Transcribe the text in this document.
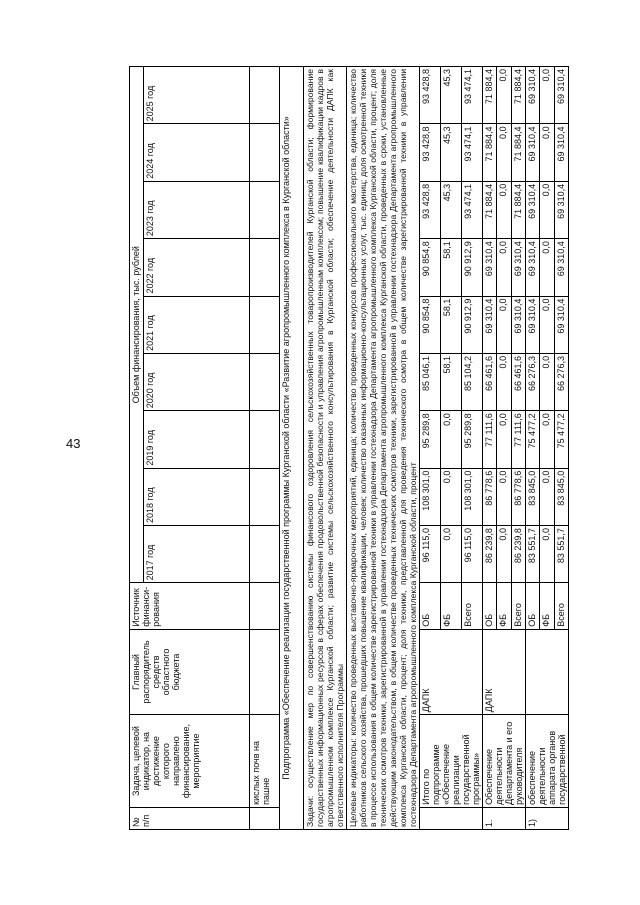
43
№ п/п	Задача, целевой индикатор, на достижение которого направлено финансирование, мероприятие	Главный распорядитель средств областного бюджета	Источник финанси-рования	Объем финансирования, тыс. рублей								
				2017 год	2018 год	2019 год	2020 год	2021 год	2022 год	2023 год	2024 год	2025 год
	кислых почв на пашне											
Подпрограмма «Обеспечение реализации государственной программы Курганской области «Развитие агропромышленного комплекса в Курганской области»												
Задачи: осуществление мер по совершенствованию системы финансового оздоровления сельскохозяйственных товаропроизводителей Курганской области; формирование государственных информационных ресурсов в сферах обеспечения продовольственной безопасности и управления агропромышленным комплексом; повышение квалификации кадров в агропромышленном комплексе Курганской области; развитие системы сельскохозяйственного консультирования в Курганской области; обеспечение деятельности ДАПК как ответственного исполнителя Программы												
Целевые индикаторы: количество проведенных выставочно-ярмарочных мероприятий, единица; количество проведенных конкурсов профессионального мастерства, единица; количество работников сельского хозяйства, прошедших повышение квалификации, человек; количество оказанных информационно-консультационных услуг, тыс. единиц; доля осмотренной техники в процессе использования в общем количестве зарегистрированной техники в управлении гостехнадзора Департамента агропромышленного комплекса Курганской области, процент; доля технических осмотров техники, зарегистрированной в управлении гостехнадзора Департамента агропромышленного комплекса Курганской области, проведенных в сроки, установленные действующим законодательством, в общем количестве проведенных технических осмотров техники, зарегистрированной в управлении гостехнадзора Департамента агропромышленного комплекса Курганской области, процент; доля техники, представленной для проведения технического осмотра в общем количестве зарегистрированной техники в управлении гостехнадзора Департамента агропромышленного комплекса Курганской области, процент												
	Итого по подпрограмме «Обеспечение реализации государственной программы»	ДАПК	ОБ	96 115,0	108 301,0	95 289,8	85 046,1	90 854,8	90 854,8	93 428,8	93 428,8	93 428,8
			ФБ	0,0	0,0	0,0	58,1	58,1	58,1	45,3	45,3	45,3
			Всего	96 115,0	108 301,0	95 289,8	85 104,2	90 912,9	90 912,9	93 474,1	93 474,1	93 474,1
1.	Обеспечение деятельности Департамента и его руководителя	ДАПК	ОБ	86 239,8	86 778,6	77 111,6	66 461,6	69 310,4	69 310,4	71 884,4	71 884,4	71 884,4
			ФБ	0,0	0,0	0,0	0,0	0,0	0,0	0,0	0,0	0,0
			Всего	86 239,8	86 778,6	77 111,6	66 461,6	69 310,4	69 310,4	71 884,4	71 884,4	71 884,4
1)	обеспечение деятельности аппарата органов государственной		ОБ	83 551,7	83 845,0	75 477,2	66 276,3	69 310,4	69 310,4	69 310,4	69 310,4	69 310,4
			ФБ	0,0	0,0	0,0	0,0	0,0	0,0	0,0	0,0	0,0
			Всего	83 551,7	83 845,0	75 477,2	66 276,3	69 310,4	69 310,4	69 310,4	69 310,4	69 310,4
